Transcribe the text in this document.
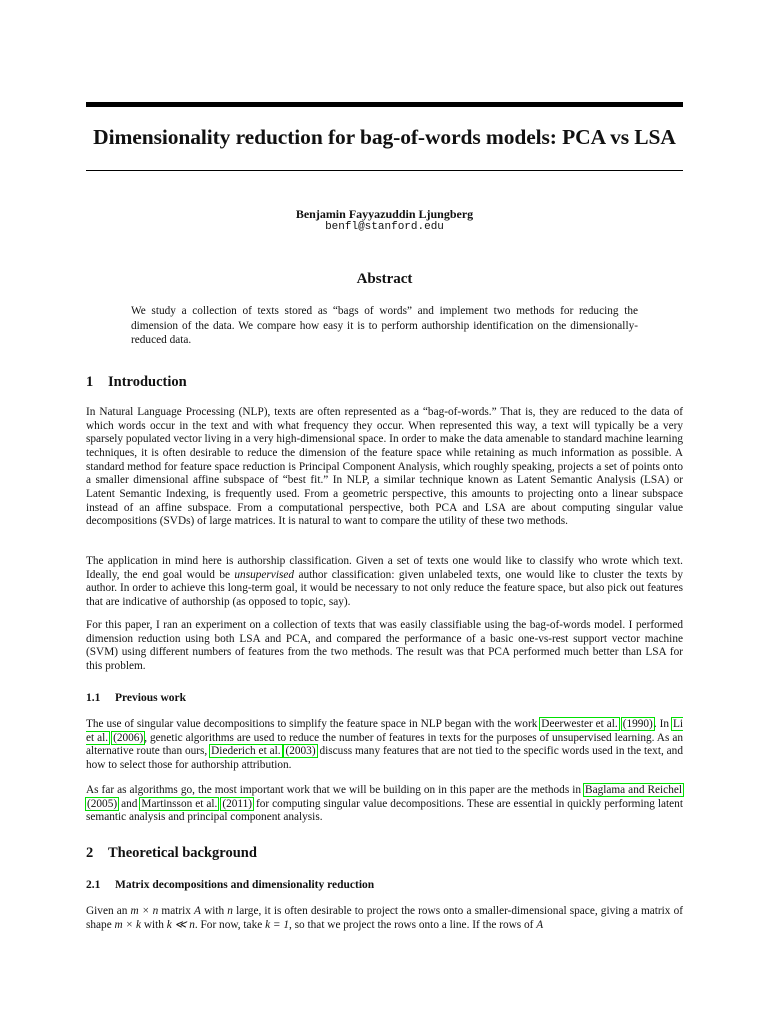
Dimensionality reduction for bag-of-words models: PCA vs LSA
Benjamin Fayyazuddin Ljungberg
benfl@stanford.edu
Abstract
We study a collection of texts stored as “bags of words” and implement two methods for reducing the dimension of the data. We compare how easy it is to perform authorship identification on the dimensionally-reduced data.
1 Introduction

In Natural Language Processing (NLP), texts are often represented as a “bag-of-words.” That is, they are reduced to the data of which words occur in the text and with what frequency they occur. When represented this way, a text will typically be a very sparsely populated vector living in a very high-dimensional space. In order to make the data amenable to standard machine learning techniques, it is often desirable to reduce the dimension of the feature space while retaining as much information as possible. A standard method for feature space reduction is Principal Component Analysis, which roughly speaking, projects a set of points onto a smaller dimensional affine subspace of “best fit.” In NLP, a similar technique known as Latent Semantic Analysis (LSA) or Latent Semantic Indexing, is frequently used. From a geometric perspective, this amounts to projecting onto a linear subspace instead of an affine subspace. From a computational perspective, both PCA and LSA are about computing singular value decompositions (SVDs) of large matrices. It is natural to want to compare the utility of these two methods.

The application in mind here is authorship classification. Given a set of texts one would like to classify who wrote which text. Ideally, the end goal would be unsupervised author classification: given unlabeled texts, one would like to cluster the texts by author. In order to achieve this long-term goal, it would be necessary to not only reduce the feature space, but also pick out features that are indicative of authorship (as opposed to topic, say).

For this paper, I ran an experiment on a collection of texts that was easily classifiable using the bag-of-words model. I performed dimension reduction using both LSA and PCA, and compared the performance of a basic one-vs-rest support vector machine (SVM) using different numbers of features from the two methods. The result was that PCA performed much better than LSA for this problem.

1.1 Previous work

The use of singular value decompositions to simplify the feature space in NLP began with the work Deerwester et al. (1990). In Li et al. (2006), genetic algorithms are used to reduce the number of features in texts for the purposes of unsupervised learning. As an alternative route than ours, Diederich et al. (2003) discuss many features that are not tied to the specific words used in the text, and how to select those for authorship attribution.

As far as algorithms go, the most important work that we will be building on in this paper are the methods in Baglama and Reichel (2005) and Martinsson et al. (2011) for computing singular value decompositions. These are essential in quickly performing latent semantic analysis and principal component analysis.

2 Theoretical background
2.1 Matrix decompositions and dimensionality reduction

Given an m × n matrix A with n large, it is often desirable to project the rows onto a smaller-dimensional space, giving a matrix of shape m × k with k ≪ n. For now, take k = 1, so that we project the rows onto a line. If the rows of A
